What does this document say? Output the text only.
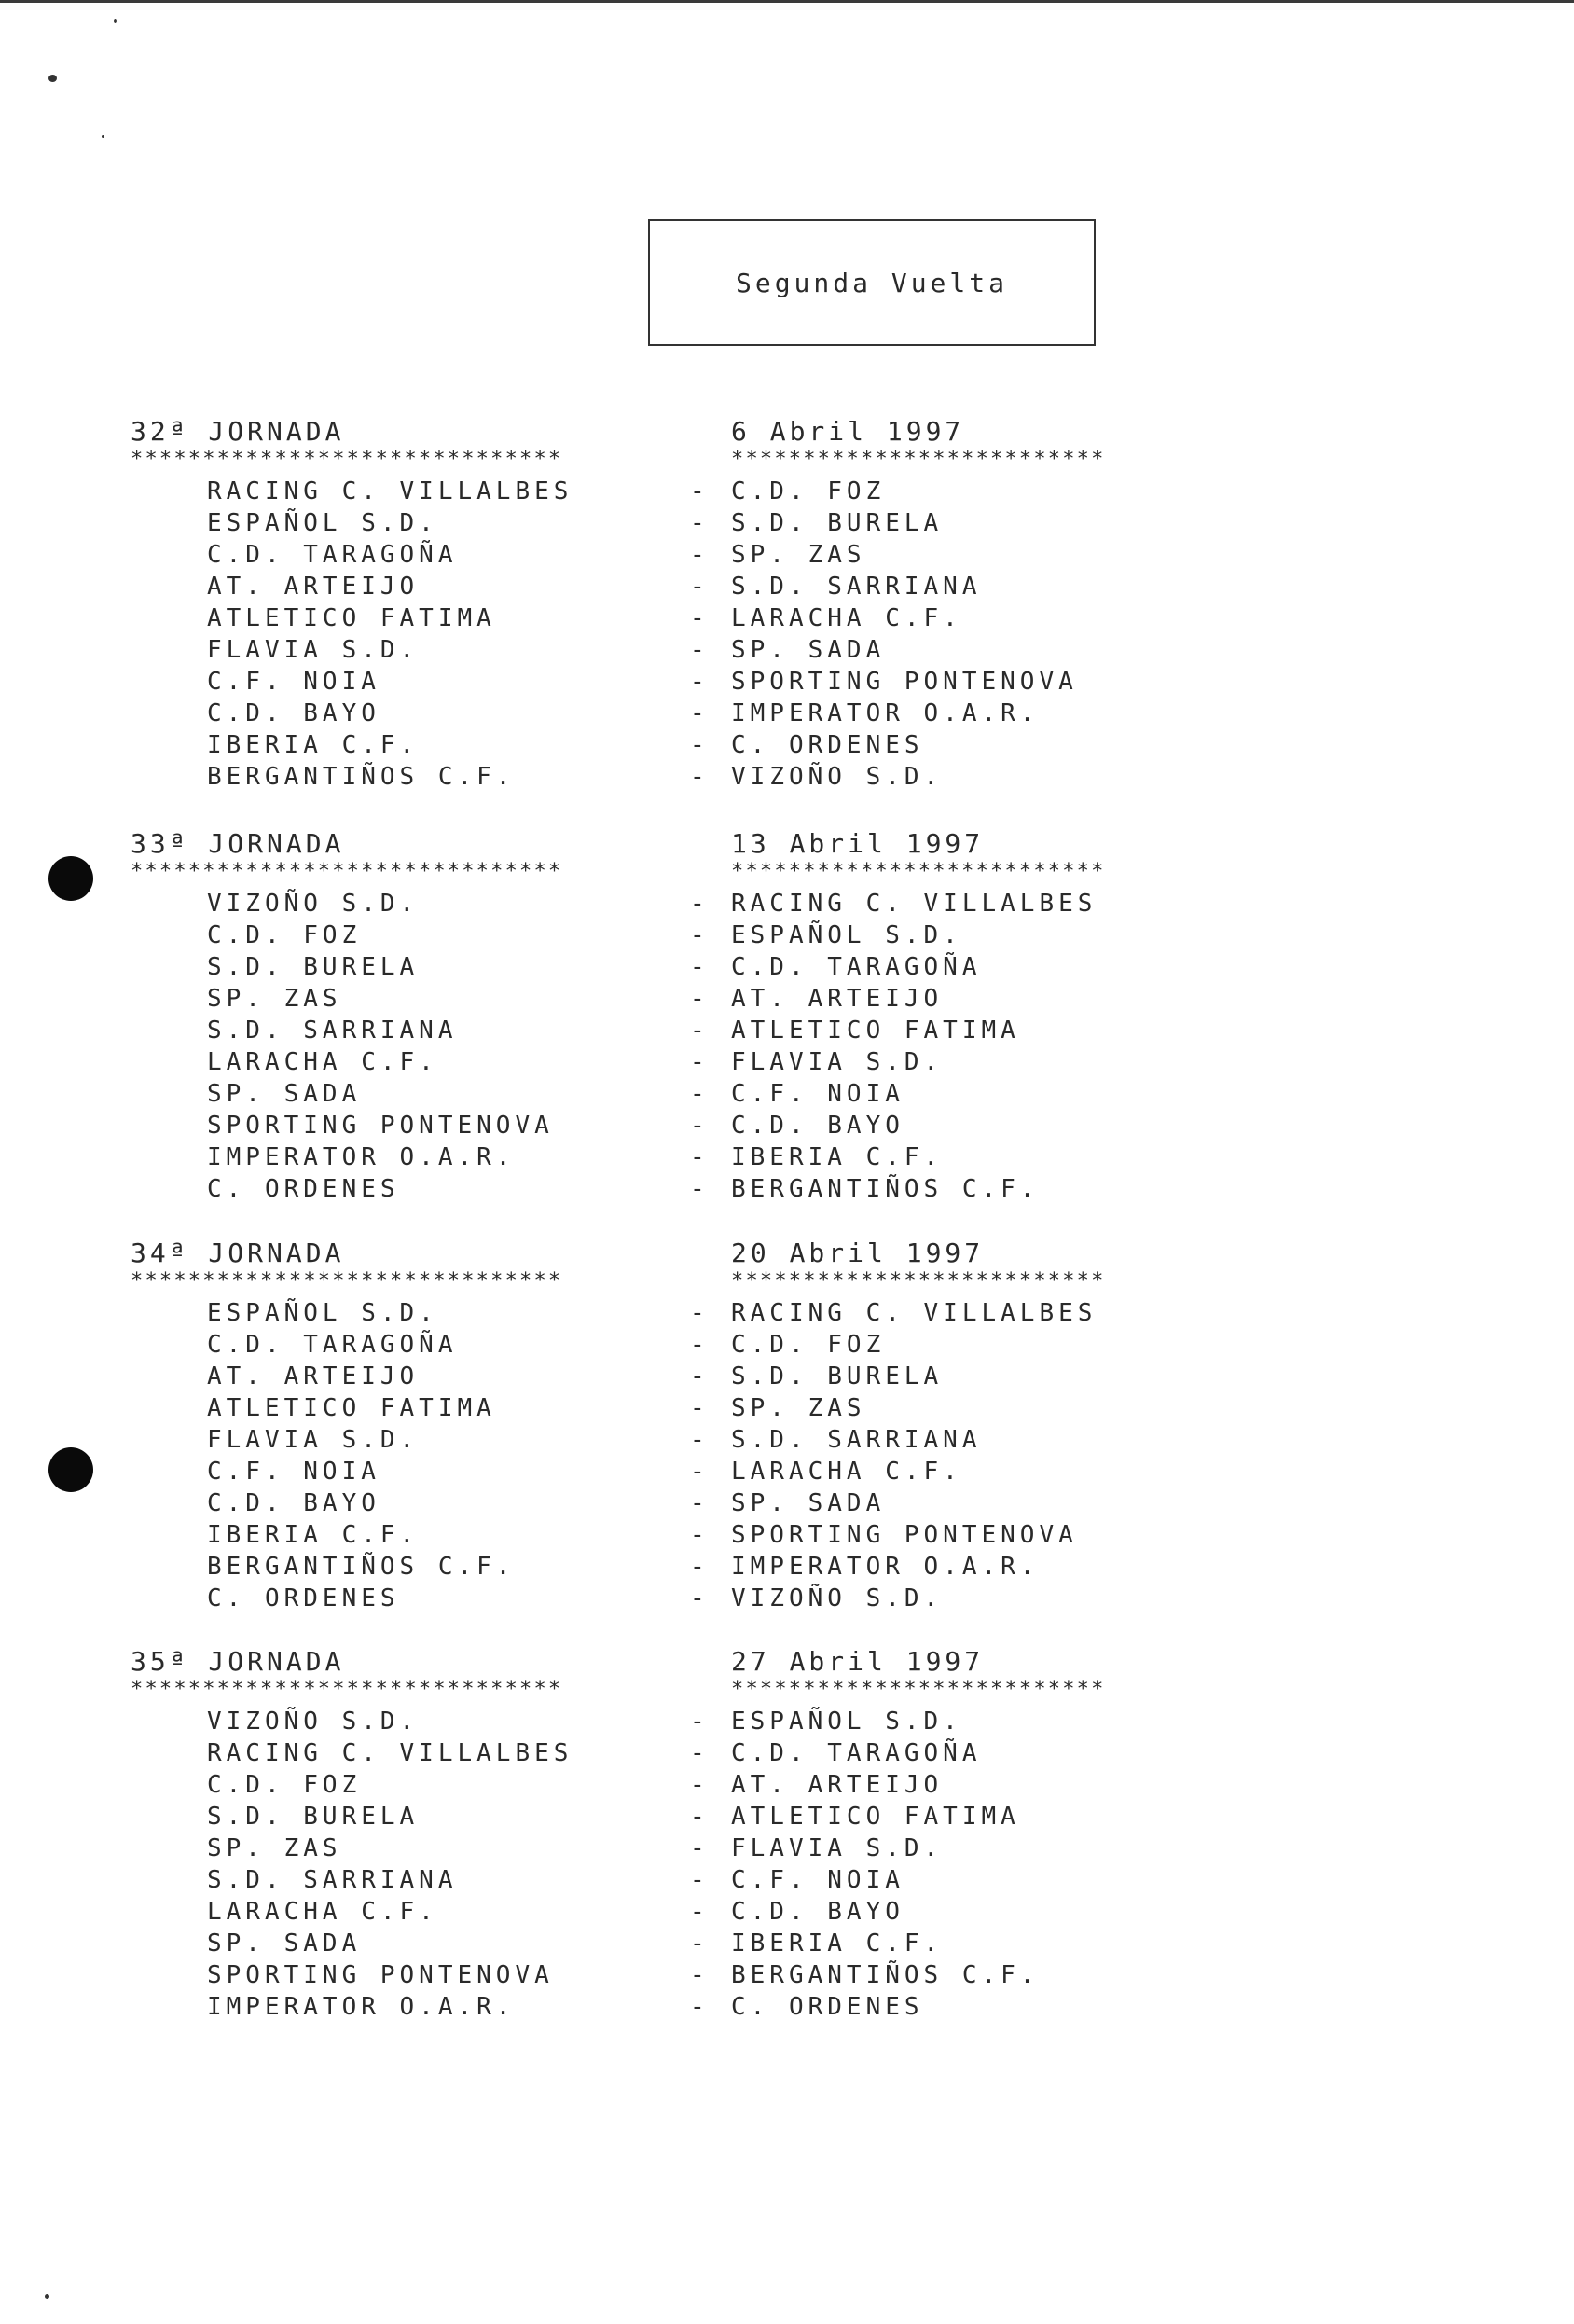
Segunda Vuelta
32ª JORNADA	6 Abril 1997
******************************	**************************
RACING C. VILLALBES	- C.D. FOZ
ESPAÑOL S.D.	- S.D. BURELA
C.D. TARAGOÑA	- SP. ZAS
AT. ARTEIJO	- S.D. SARRIANA
ATLETICO FATIMA	- LARACHA C.F.
FLAVIA S.D.	- SP. SADA
C.F. NOIA	- SPORTING PONTENOVA
C.D. BAYO	- IMPERATOR O.A.R.
IBERIA C.F.	- C. ORDENES
BERGANTIÑOS C.F.	- VIZOÑO S.D.
33ª JORNADA	13 Abril 1997
******************************	**************************
VIZOÑO S.D.	- RACING C. VILLALBES
C.D. FOZ	- ESPAÑOL S.D.
S.D. BURELA	- C.D. TARAGOÑA
SP. ZAS	- AT. ARTEIJO
S.D. SARRIANA	- ATLETICO FATIMA
LARACHA C.F.	- FLAVIA S.D.
SP. SADA	- C.F. NOIA
SPORTING PONTENOVA	- C.D. BAYO
IMPERATOR O.A.R.	- IBERIA C.F.
C. ORDENES	- BERGANTIÑOS C.F.
34ª JORNADA	20 Abril 1997
******************************	**************************
ESPAÑOL S.D.	- RACING C. VILLALBES
C.D. TARAGOÑA	- C.D. FOZ
AT. ARTEIJO	- S.D. BURELA
ATLETICO FATIMA	- SP. ZAS
FLAVIA S.D.	- S.D. SARRIANA
C.F. NOIA	- LARACHA C.F.
C.D. BAYO	- SP. SADA
IBERIA C.F.	- SPORTING PONTENOVA
BERGANTIÑOS C.F.	- IMPERATOR O.A.R.
C. ORDENES	- VIZOÑO S.D.
35ª JORNADA	27 Abril 1997
******************************	**************************
VIZOÑO S.D.	- ESPAÑOL S.D.
RACING C. VILLALBES	- C.D. TARAGOÑA
C.D. FOZ	- AT. ARTEIJO
S.D. BURELA	- ATLETICO FATIMA
SP. ZAS	- FLAVIA S.D.
S.D. SARRIANA	- C.F. NOIA
LARACHA C.F.	- C.D. BAYO
SP. SADA	- IBERIA C.F.
SPORTING PONTENOVA	- BERGANTIÑOS C.F.
IMPERATOR O.A.R.	- C. ORDENES
